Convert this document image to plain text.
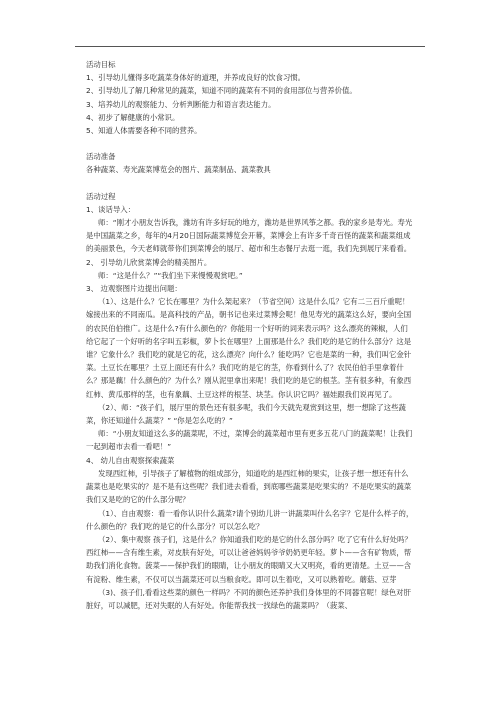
活动目标

1、引导幼儿懂得多吃蔬菜身体好的道理，并养成良好的饮食习惯。

2、引导幼儿了解几种常见的蔬菜，知道不同的蔬菜有不同的食用部位与营养价值。

3、培养幼儿的观察能力、分析判断能力和语言表达能力。

4、初步了解健康的小常识。

5、知道人体需要各种不同的营养。

活动准备

各种蔬菜、寿光蔬菜博览会的图片、蔬菜制品、蔬菜教具

活动过程

1、谈话导入：

师：“刚才小朋友告诉我，潍坊有许多好玩的地方，潍坊是世界风筝之都。我的家乡是寿光。寿光是中国蔬菜之乡，每年的4月20日国际蔬菜博览会开幕，菜博会上有许多千奇百怪的蔬菜和蔬菜组成的美丽景色，今天老师就带你们到菜博会的展厅、超市和生态餐厅去逛一逛，我们先到展厅来看看。 2、 引导幼儿欣赏菜博会的精美图片。

师：“这是什么？”“我们坐下来慢慢观赏吧。”

3、 边观察图片边提出问题：

（1）、这是什么？它长在哪里？为什么架起来？（节省空间）这是什么瓜？它有二三百斤重呢！嫁接出来的不同南瓜。是高科技的产品，朝书记也来过菜博会呢！他见寿光的蔬菜这么好，要向全国的农民伯伯推广。这是什么?有什么颜色的？你能用一个好听的词来表示吗？这么漂亮的辣椒，人们给它起了一个好听的名字叫五彩椒，萝卜长在哪里？上面那是什么？我们吃的是它的什么部分？这是谁？它象什么？我们吃的就是它的花，这么漂亮？向什么？能吃吗？它也是菜的一种，我们叫它金针菜。土豆长在哪里？土豆上面还有什么？我们吃的是它的茎，你看到什么了？农民伯伯手里拿着什么？那是藕！什么颜色的？为什么？刚从泥里拿出来呢！我们吃的是它的根茎。茎有很多种，有象西红柿、黄瓜那样的茎，也有象藕、土豆这样的根茎、块茎。你认识它吗？福娃跟我们说再见了。

（2）、师：“孩子们，展厅里的景色还有很多呢，我们今天就先观赏到这里，想一想除了这些蔬菜，你还知道什么蔬菜？” “你是怎么吃的？”

师：“小朋友知道这么多的蔬菜呢，不过，菜博会的蔬菜超市里有更多五花八门的蔬菜呢！让我们一起到超市去看一看吧！”

4、 幼儿自由观察探索蔬菜

发现西红柿，引导孩子了解植物的组成部分，知道吃的是西红柿的果实，让孩子想一想还有什么蔬菜也是吃果实的？是不是有这些呢？我们进去看看，到底哪些蔬菜是吃果实的？不是吃果实的蔬菜我们又是吃的它的什么部分呢？

（1）、自由观察：看一看你认识什么蔬菜?请个别幼儿讲一讲蔬菜叫什么名字？它是什么样子的，什么颜色的？我们吃的是它的什么部分？可以怎么吃？

（2）、集中观察 孩子们，这是什么？你知道我们吃的是它的什么部分吗？吃了它有什么好处吗？ 西红柿——含有维生素，对皮肤有好处，可以让爸爸妈妈爷爷奶奶更年轻。萝卜——含有矿物质，帮助我们消化食物。菠菜——保护我们的眼睛，让小朋友的眼睛又大又明亮，看的更清楚。土豆——含有淀粉、维生素，不仅可以当蔬菜还可以当粮食吃。即可以生着吃，又可以熟着吃。蘑菇、豆芽

（3)、孩子们,看看这些菜的颜色一样吗？不同的颜色还养护我们身体里的不同器官呢！绿色对肝脏好，可以减肥，还对失眠的人有好处。你能帮我找一找绿色的蔬菜吗？（菠菜、
